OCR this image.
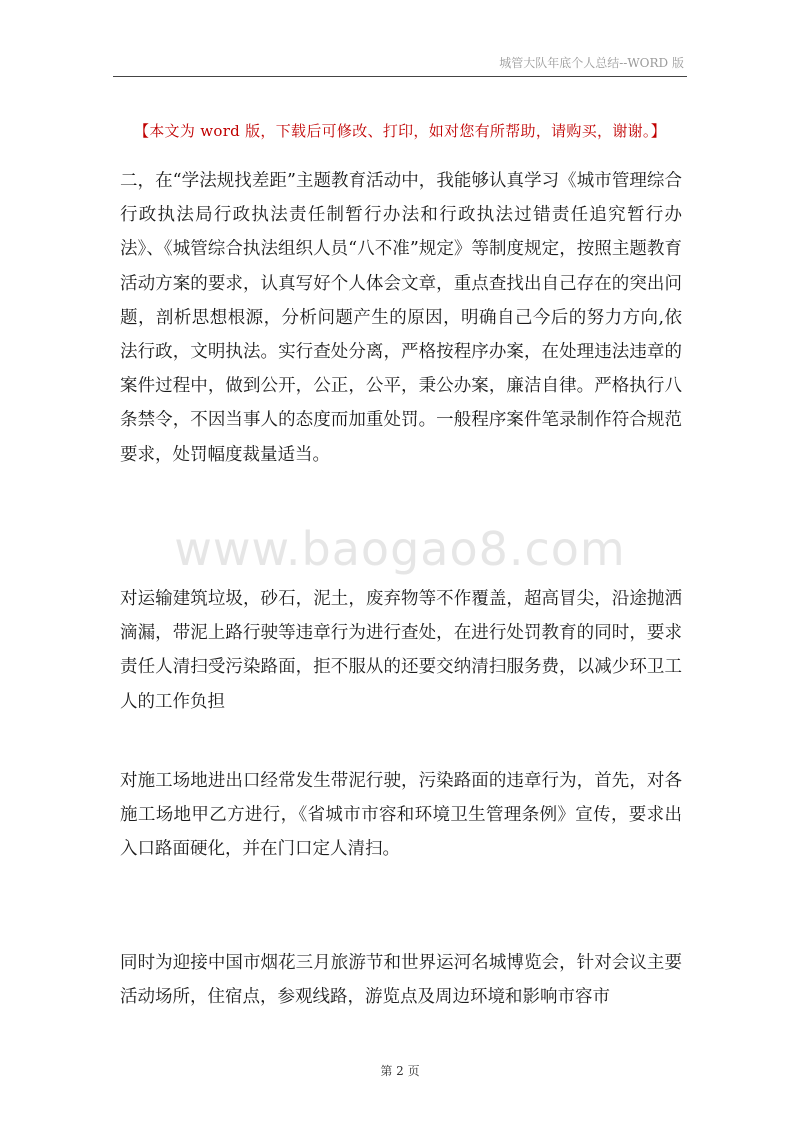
城管大队年底个人总结--WORD 版
【本文为 word 版，下载后可修改、打印，如对您有所帮助，请购买，谢谢。】

二，在“学法规找差距”主题教育活动中，我能够认真学习《城市管理综合行政执法局行政执法责任制暂行办法和行政执法过错责任追究暂行办法》、《城管综合执法组织人员“八不准”规定》等制度规定，按照主题教育活动方案的要求，认真写好个人体会文章，重点查找出自己存在的突出问题，剖析思想根源，分析问题产生的原因，明确自己今后的努力方向,依法行政，文明执法。实行查处分离，严格按程序办案，在处理违法违章的案件过程中，做到公开，公正，公平，秉公办案，廉洁自律。严格执行八条禁令，不因当事人的态度而加重处罚。一般程序案件笔录制作符合规范要求，处罚幅度裁量适当。

www.baogao8.com

对运输建筑垃圾，砂石，泥土，废弃物等不作覆盖，超高冒尖，沿途抛洒滴漏，带泥上路行驶等违章行为进行查处，在进行处罚教育的同时，要求责任人清扫受污染路面，拒不服从的还要交纳清扫服务费，以减少环卫工人的工作负担

对施工场地进出口经常发生带泥行驶，污染路面的违章行为，首先，对各施工场地甲乙方进行，《省城市市容和环境卫生管理条例》宣传，要求出入口路面硬化，并在门口定人清扫。

同时为迎接中国市烟花三月旅游节和世界运河名城博览会，针对会议主要活动场所，住宿点，参观线路，游览点及周边环境和影响市容市

第 2 页
